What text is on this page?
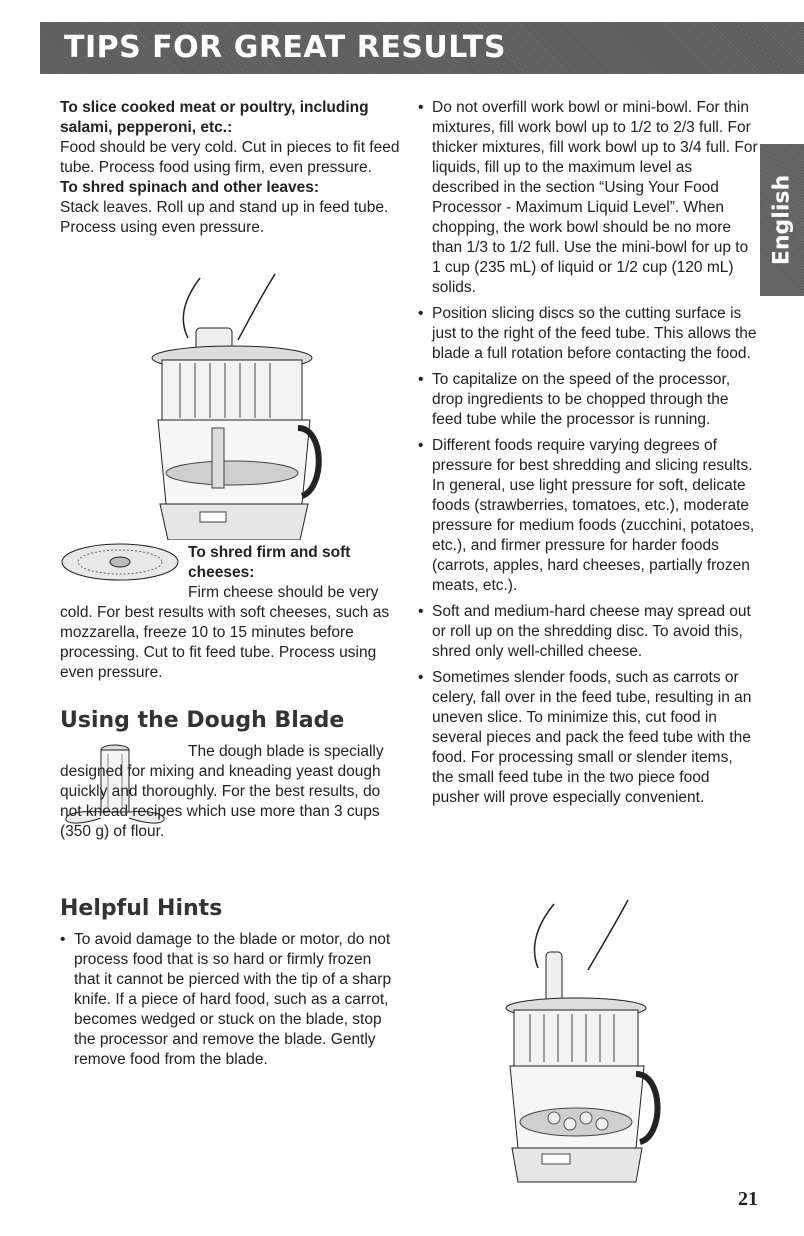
TIPS FOR GREAT RESULTS
English

To slice cooked meat or poultry, including salami, pepperoni, etc.:

Food should be very cold. Cut in pieces to fit feed tube. Process food using firm, even pressure.

To shred spinach and other leaves:

Stack leaves. Roll up and stand up in feed tube. Process using even pressure.

To shred firm and soft cheeses:

Firm cheese should be very cold. For best results with soft cheeses, such as mozzarella, freeze 10 to 15 minutes before processing. Cut to fit feed tube. Process using even pressure.
Using the Dough Blade
The dough blade is specially designed for mixing and kneading yeast dough quickly and thoroughly. For the best results, do not knead recipes which use more than 3 cups (350 g) of flour.
Helpful Hints
• To avoid damage to the blade or motor, do not process food that is so hard or firmly frozen that it cannot be pierced with the tip of a sharp knife. If a piece of hard food, such as a carrot, becomes wedged or stuck on the blade, stop the processor and remove the blade. Gently remove food from the blade.
• Do not overfill work bowl or mini-bowl. For thin mixtures, fill work bowl up to 1/2 to 2/3 full. For thicker mixtures, fill work bowl up to 3/4 full. For liquids, fill up to the maximum level as described in the section “Using Your Food Processor - Maximum Liquid Level”. When chopping, the work bowl should be no more than 1/3 to 1/2 full. Use the mini-bowl for up to 1 cup (235 mL) of liquid or 1/2 cup (120 mL) solids.
• Position slicing discs so the cutting surface is just to the right of the feed tube. This allows the blade a full rotation before contacting the food.
• To capitalize on the speed of the processor, drop ingredients to be chopped through the feed tube while the processor is running.
• Different foods require varying degrees of pressure for best shredding and slicing results. In general, use light pressure for soft, delicate foods (strawberries, tomatoes, etc.), moderate pressure for medium foods (zucchini, potatoes, etc.), and firmer pressure for harder foods (carrots, apples, hard cheeses, partially frozen meats, etc.).
• Soft and medium-hard cheese may spread out or roll up on the shredding disc. To avoid this, shred only well-chilled cheese.
• Sometimes slender foods, such as carrots or celery, fall over in the feed tube, resulting in an uneven slice. To minimize this, cut food in several pieces and pack the feed tube with the food. For processing small or slender items, the small feed tube in the two piece food pusher will prove especially convenient.
21
